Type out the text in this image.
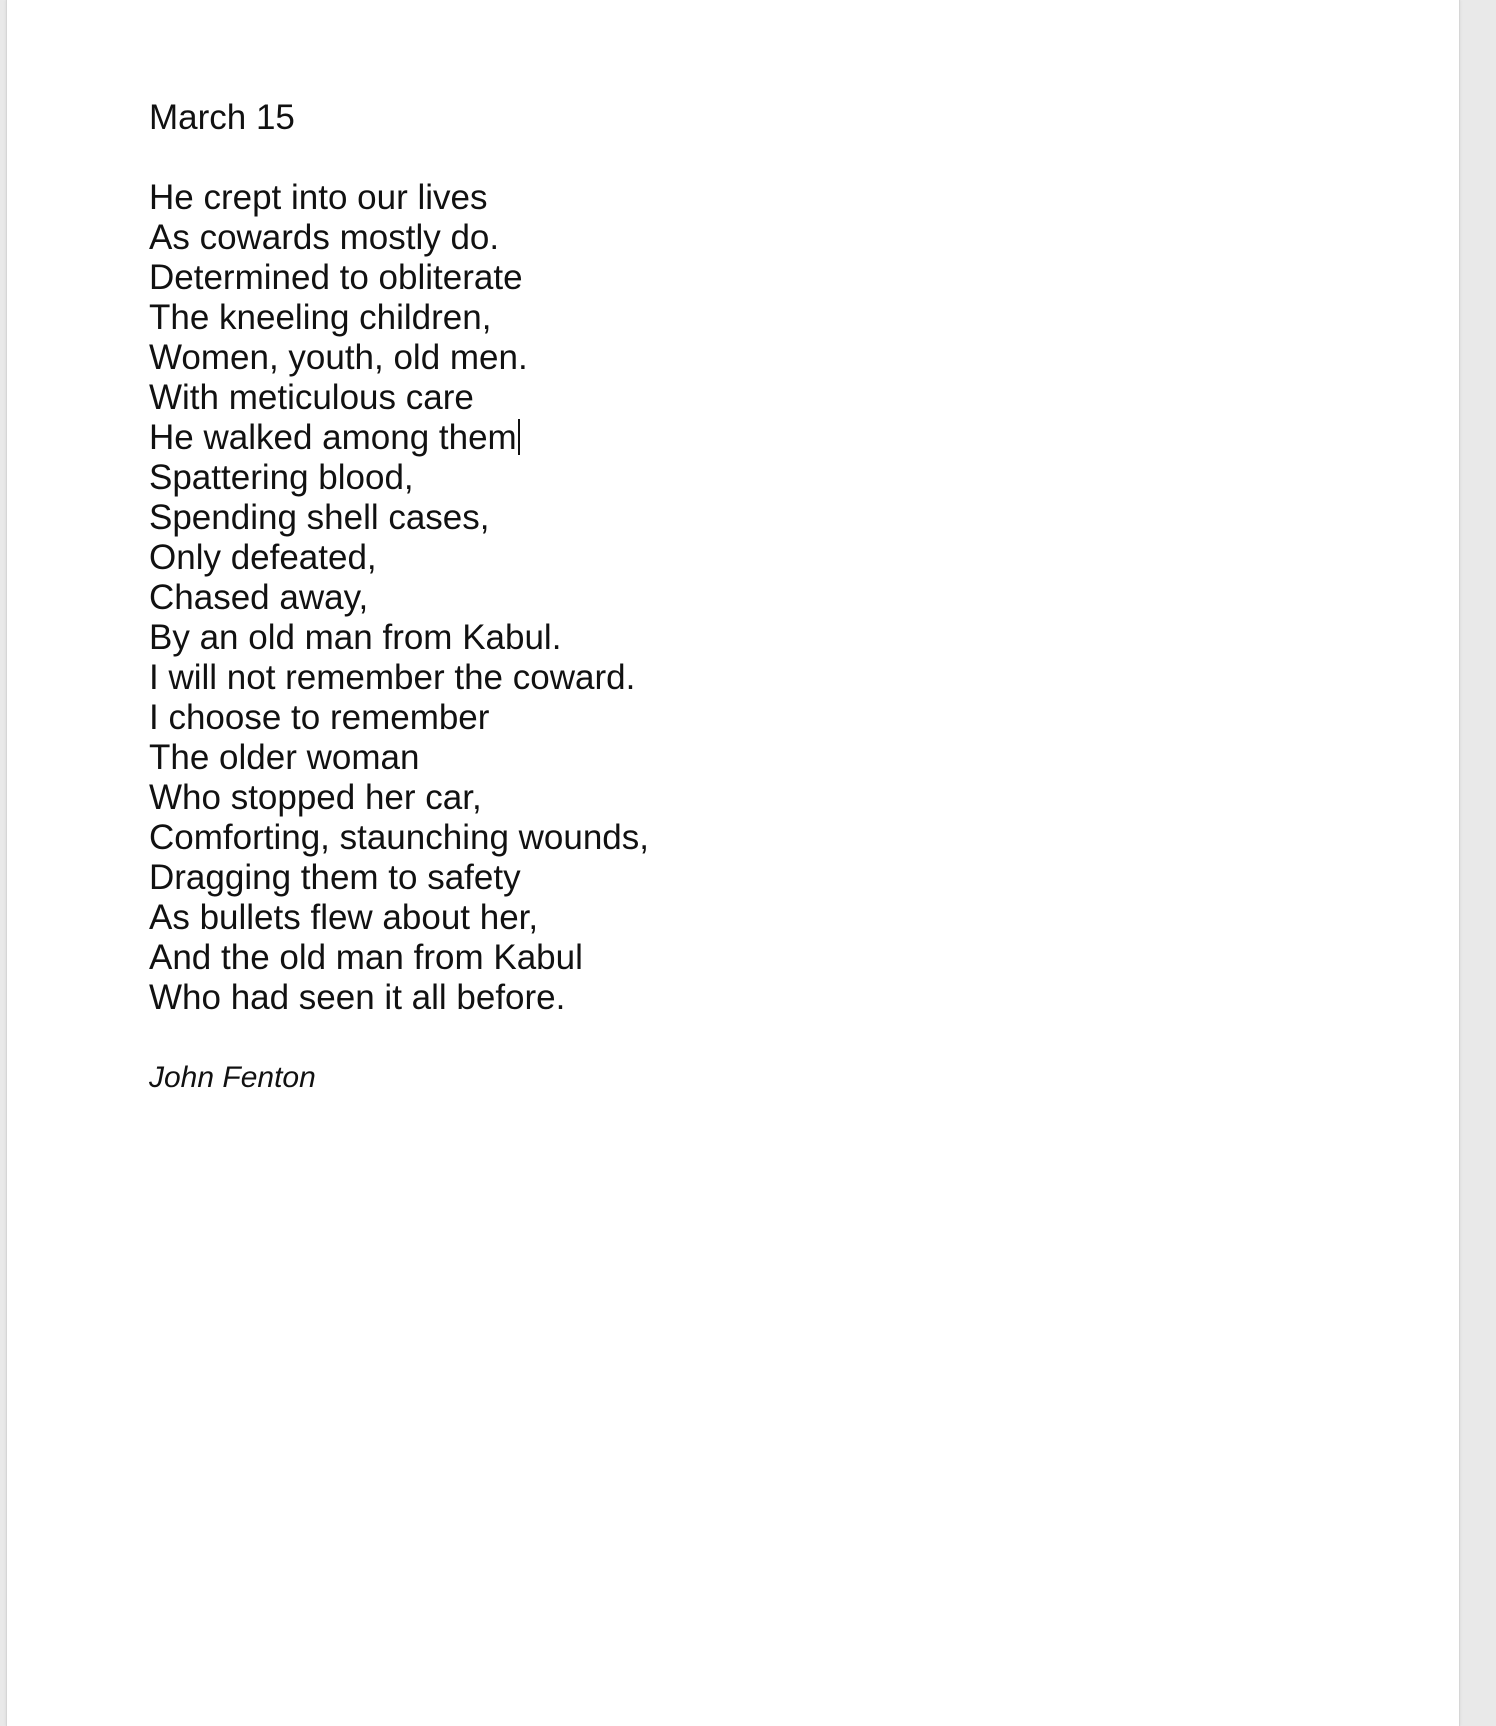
March 15
He crept into our lives
As cowards mostly do.
Determined to obliterate
The kneeling children,
Women, youth, old men.
With meticulous care
He walked among them
Spattering blood,
Spending shell cases,
Only defeated,
Chased away,
By an old man from Kabul.
I will not remember the coward.
I choose to remember
The older woman
Who stopped her car,
Comforting, staunching wounds,
Dragging them to safety
As bullets flew about her,
And the old man from Kabul
Who had seen it all before.
John Fenton
